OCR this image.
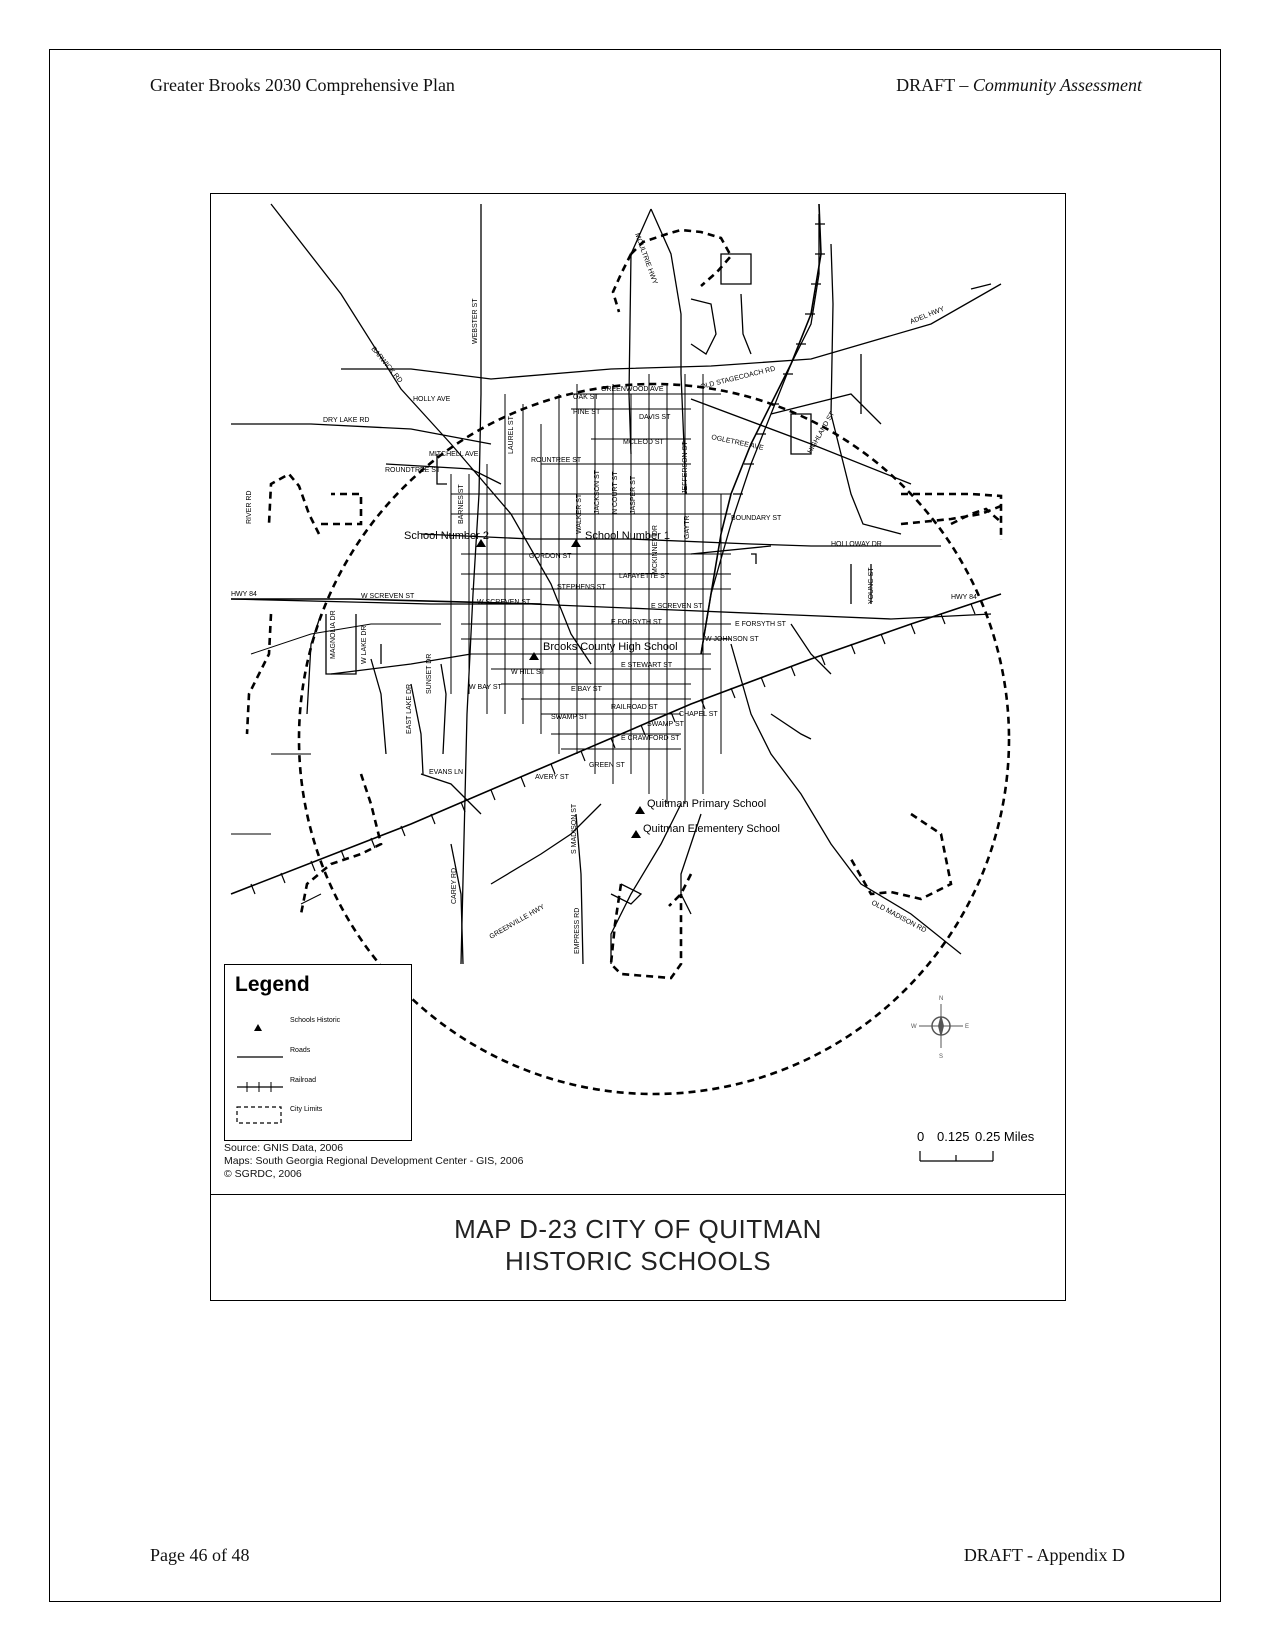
Greater Brooks 2030 Comprehensive Plan	DRAFT – Community Assessment
School Number 2	School Number 1
Brooks County High School
Quitman Primary School
Quitman Elementery School
ADEL HWY
OLD STAGECOACH RD
HOLLY AVE
DRY LAKE RD
MITCHELL AVE
ROUNDTREE ST
ROUNTREE ST
GREENWOOD AVE
OAK ST
PINE ST
DAVIS ST
MCLEOD ST	OGLETREE AVE
BOUNDARY ST
HOLLOWAY DR
GORDON ST
LAFAYETTE ST
STEPHENS ST
W SCREVEN ST
W SCREVEN ST
E SCREVEN ST
E FORSYTH ST	E FORSYTH ST
W JOHNSON ST
E STEWART ST
W HILL ST
W BAY ST	E BAY ST
RAILROAD ST
CHAPEL ST
SWAMP ST
SWAMP ST
E CRAWFORD ST
GREEN ST
AVERY ST
EVANS LN
HWY 84	HWY 84
OLD MADISON RD
GREENVILLE HWY
WEBSTER ST
BARWICK RD
RIVER RD
LAUREL ST
BARNES ST
SUNSET DR
W LAKE DR
EAST LAKE DR
MAGNOLIA DR
CAREY RD
S MADISON ST
EMPRESS RD
JEFFERSON ST
YOUNG ST
HIGHLAND ST
MOULTRIE HWY
WALKER ST JACKSON ST N COURT ST JASPER ST
MCKINNEY DR	GAYTR
N
S
E
W
Legend
Schools Historic
Roads
Railroad
City Limits
Source: GNIS Data, 2006
Maps: South Georgia Regional Development Center - GIS, 2006
© SGRDC, 2006
0 0.125 0.25 Miles
MAP D-23 CITY OF QUITMAN
HISTORIC SCHOOLS
Page 46 of 48	DRAFT - Appendix D
